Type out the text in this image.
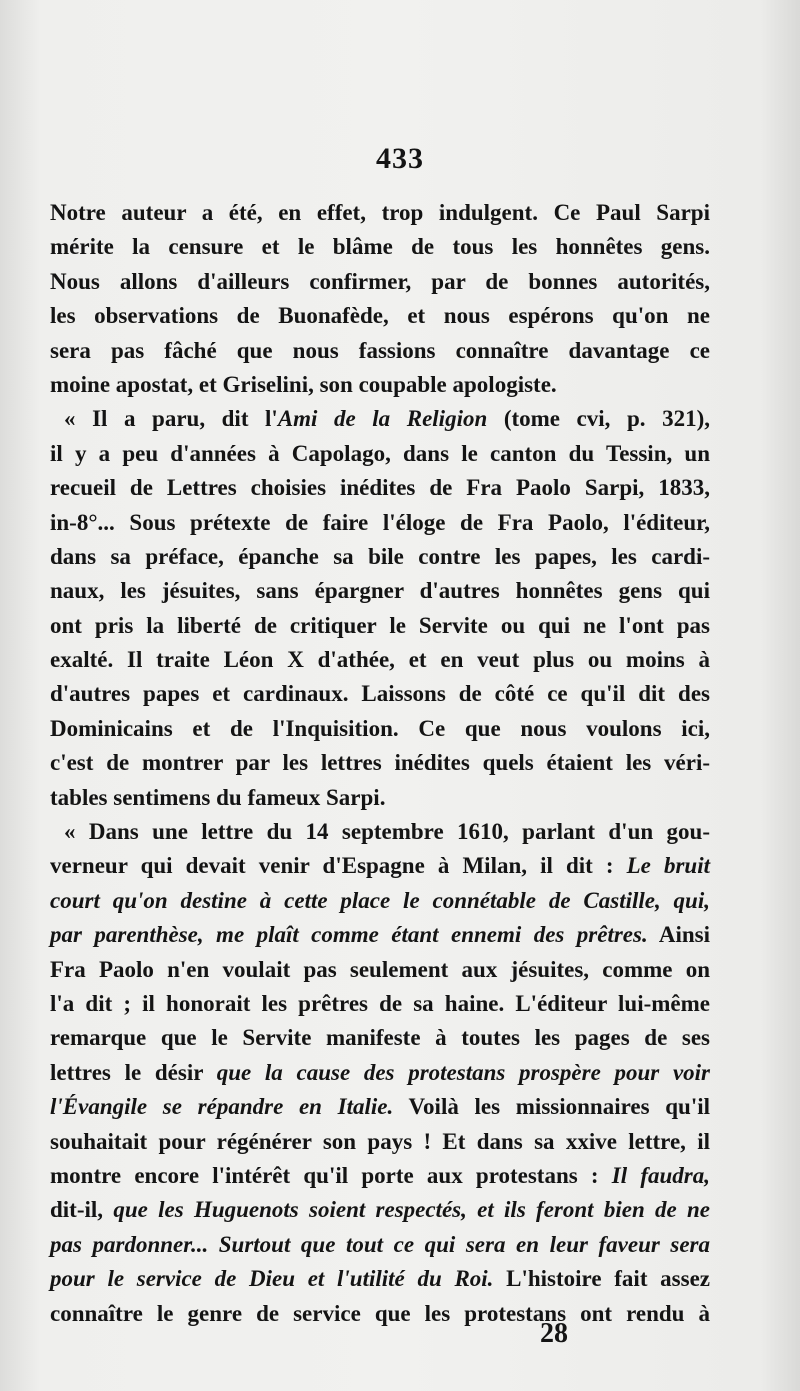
433
Notre auteur a été, en effet, trop indulgent. Ce Paul Sarpi
mérite la censure et le blâme de tous les honnêtes gens.
Nous allons d'ailleurs confirmer, par de bonnes autorités,
les observations de Buonafède, et nous espérons qu'on ne
sera pas fâché que nous fassions connaître davantage ce
moine apostat, et Griselini, son coupable apologiste.
« Il a paru, dit l'Ami de la Religion (tome cvi, p. 321),
il y a peu d'années à Capolago, dans le canton du Tessin, un
recueil de Lettres choisies inédites de Fra Paolo Sarpi, 1833,
in-8°... Sous prétexte de faire l'éloge de Fra Paolo, l'éditeur,
dans sa préface, épanche sa bile contre les papes, les cardi-
naux, les jésuites, sans épargner d'autres honnêtes gens qui
ont pris la liberté de critiquer le Servite ou qui ne l'ont pas
exalté. Il traite Léon X d'athée, et en veut plus ou moins à
d'autres papes et cardinaux. Laissons de côté ce qu'il dit des
Dominicains et de l'Inquisition. Ce que nous voulons ici,
c'est de montrer par les lettres inédites quels étaient les véri-
tables sentimens du fameux Sarpi.
« Dans une lettre du 14 septembre 1610, parlant d'un gou-
verneur qui devait venir d'Espagne à Milan, il dit : Le bruit
court qu'on destine à cette place le connétable de Castille, qui,
par parenthèse, me plaît comme étant ennemi des prêtres. Ainsi
Fra Paolo n'en voulait pas seulement aux jésuites, comme on
l'a dit ; il honorait les prêtres de sa haine. L'éditeur lui-même
remarque que le Servite manifeste à toutes les pages de ses
lettres le désir que la cause des protestans prospère pour voir
l'Évangile se répandre en Italie. Voilà les missionnaires qu'il
souhaitait pour régénérer son pays ! Et dans sa xxive lettre, il
montre encore l'intérêt qu'il porte aux protestans : Il faudra,
dit-il, que les Huguenots soient respectés, et ils feront bien de ne
pas pardonner... Surtout que tout ce qui sera en leur faveur sera
pour le service de Dieu et l'utilité du Roi. L'histoire fait assez
connaître le genre de service que les protestans ont rendu à
28
